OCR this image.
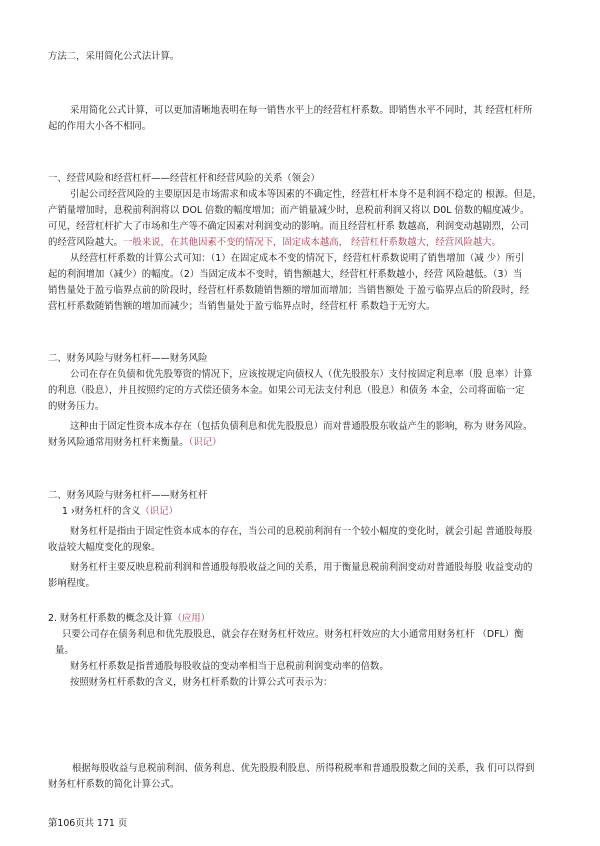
方法二，采用简化公式法计算。
采用简化公式计算，可以更加清晰地表明在每一销售水平上的经营杠杆系数。即销售水平不同时，其 经营杠杆所
起的作用大小各不相同。
一、经营风险和经营杠杆——经营杠杆和经营风险的关系（领会）
引起公司经营风险的主要原因是市场需求和成本等因素的不确定性，经营杠杆本身不是利润不稳定的 根源。但是，
产销量增加时，息税前利润将以 DOL 倍数的幅度增加；而产销量减少时，息税前利润又将以 D0L 倍数的幅度减少。
可见，经营杠杆扩大了市场和生产等不确定因素对利润变动的影响。而且经营杠杆系 数越高，利润变动越剧烈，公司
的经营风险越大。一般来说，在其他因素不变的情况下，固定成本越高， 经营杠杆系数越大，经营风险越大。
从经营杠杆系数的计算公式可知：（1）在固定成本不变的情况下，经营杠杆系数说明了销售增加（减 少）所引
起的利润增加（减少）的幅度。（2）当固定成本不变时，销售额越大，经营杠杆系数越小，经营 风险越低。（3）当
销售量处于盈亏临界点前的阶段时，经营杠杆系数随销售额的增加而增加；当销售额处 于盈亏临界点后的阶段时，经
营杠杆系数随销售额的增加而减少；当销售量处于盈亏临界点时，经营杠杆 系数趋于无穷大。
二、财务风险与财务杠杆——财务风险
公司在存在负债和优先股筹资的情况下，应该按规定向债权人（优先股股东）支付按固定利息率（股 息率）计算
的利息（股息），并且按照约定的方式偿还债务本金。如果公司无法支付利息（股息）和债务 本金，公司将面临一定
的财务压力。
这种由于固定性资本成本存在（包括负债利息和优先股股息）而对普通股股东收益产生的影响，称为 财务风险。
财务风险通常用财务杠杆来衡量。（识记）
二、财务风险与财务杠杆——财务杠杆
1 ›财务杠杆的含义（识记）
财务杠杆是指由于固定性资本成本的存在，当公司的息税前利润有一个较小幅度的变化时，就会引起 普通股每股
收益较大幅度变化的现象。
财务杠杆主要反映息税前利润和普通股每股收益之间的关系，用于衡量息税前利润变动对普通股每股 收益变动的
影响程度。
2. 财务杠杆系数的概念及计算（应用）
只要公司存在债务利息和优先股股息，就会存在财务杠杆效应。财务杠杆效应的大小通常用财务杠杆 （DFL）衡
量。
财务杠杆系数是指普通股每股收益的变动率相当于息税前利润变动率的倍数。
按照财务杠杆系数的含义，财务杠杆系数的计算公式可表示为：
根据每股收益与息税前利润、债务利息、优先股股利股息、所得税税率和普通股股数之间的关系，我 们可以得到
财务杠杆系数的简化计算公式。
第106页共 171 页
